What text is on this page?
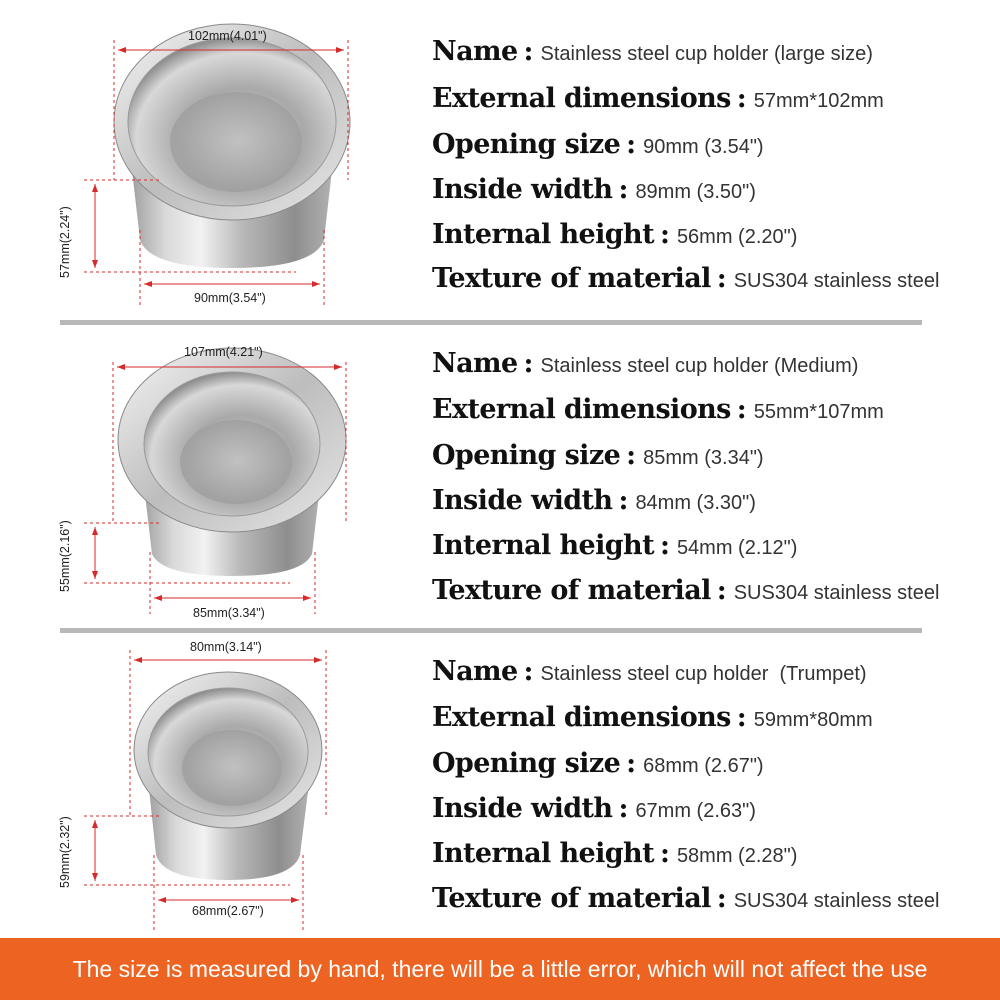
102mm(4.01")
90mm(3.54")
57mm(2.24")
Name : Stainless steel cup holder (large size)
External dimensions : 57mm*102mm
Opening size : 90mm (3.54")
Inside width : 89mm (3.50")
Internal height : 56mm (2.20")
Texture of material : SUS304 stainless steel
107mm(4.21")
85mm(3.34")
55mm(2.16")
Name : Stainless steel cup holder (Medium)
External dimensions : 55mm*107mm
Opening size : 85mm (3.34")
Inside width : 84mm (3.30")
Internal height : 54mm (2.12")
Texture of material : SUS304 stainless steel
80mm(3.14")
68mm(2.67")
59mm(2.32")
Name : Stainless steel cup holder  (Trumpet)
External dimensions : 59mm*80mm
Opening size : 68mm (2.67")
Inside width : 67mm (2.63")
Internal height : 58mm (2.28")
Texture of material : SUS304 stainless steel
The size is measured by hand, there will be a little error, which will not affect the use
